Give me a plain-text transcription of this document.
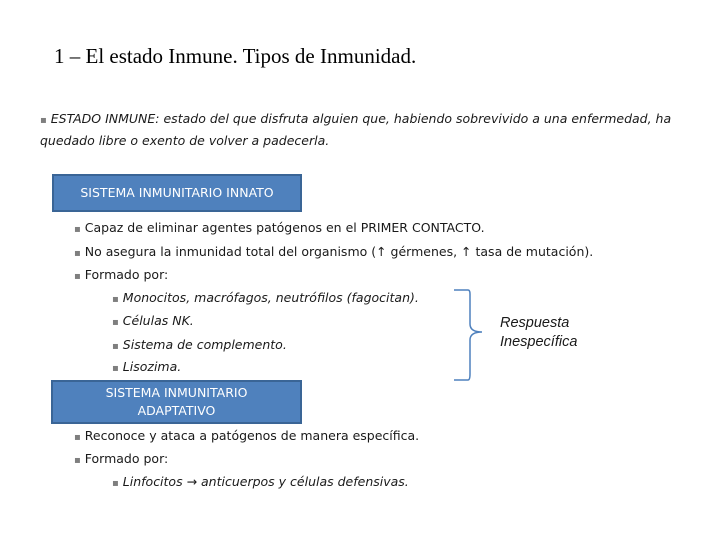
1 – El estado Inmune. Tipos de Inmunidad.
▪ ESTADO INMUNE: estado del que disfruta alguien que, habiendo sobrevivido a una enfermedad, ha quedado libre o exento de volver a padecerla.
SISTEMA INMUNITARIO INNATO
▪ Capaz de eliminar agentes patógenos en el PRIMER CONTACTO.
▪ No asegura la inmunidad total del organismo (↑ gérmenes, ↑ tasa de mutación).
▪ Formado por:
▪ Monocitos, macrófagos, neutrófilos (fagocitan).
▪ Células NK.
▪ Sistema de complemento.
▪ Lisozima.
Respuesta
Inespecífica
SISTEMA INMUNITARIO ADAPTATIVO
▪ Reconoce y ataca a patógenos de manera específica.
▪ Formado por:
▪ Linfocitos → anticuerpos y células defensivas.
